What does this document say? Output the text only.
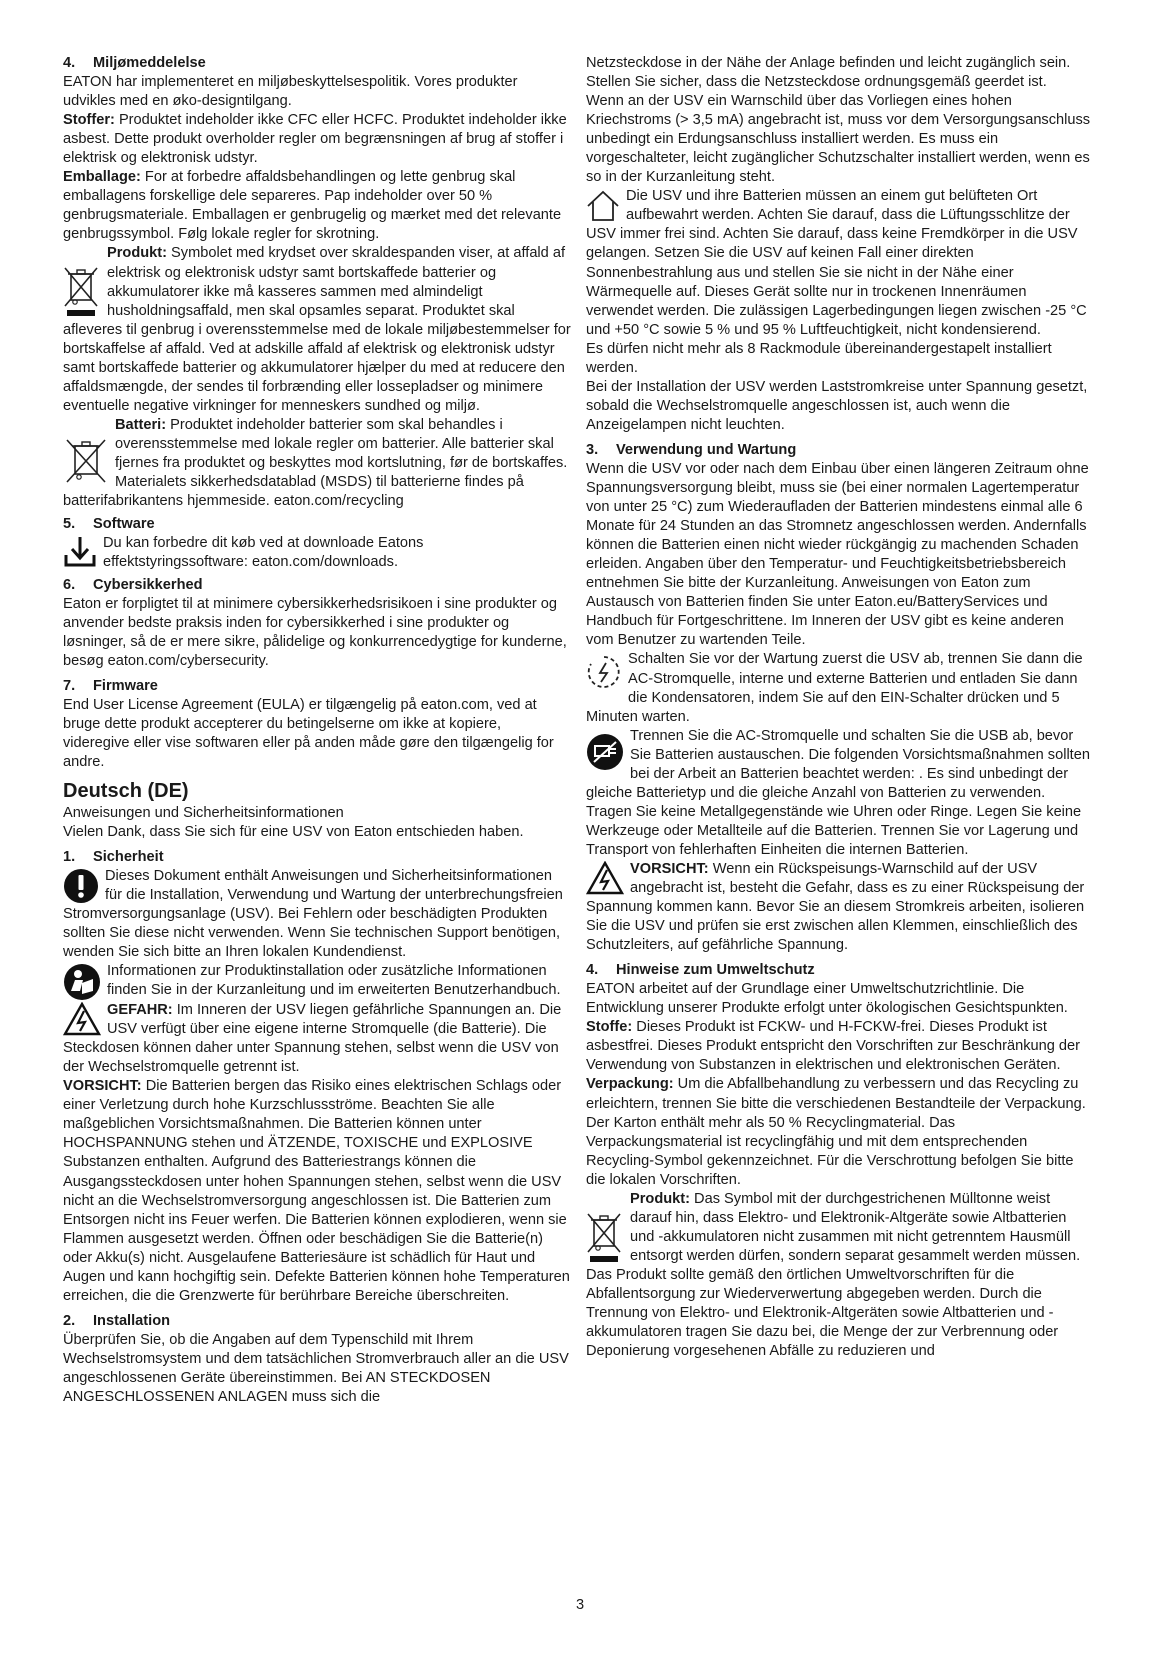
4. Miljømeddelelse

EATON har implementeret en miljøbeskyttelsespolitik. Vores produkter udvikles med en øko-designtilgang.

Stoffer: Produktet indeholder ikke CFC eller HCFC. Produktet indeholder ikke asbest. Dette produkt overholder regler om begrænsningen af brug af stoffer i elektrisk og elektronisk udstyr.

Emballage: For at forbedre affaldsbehandlingen og lette genbrug skal emballagens forskellige dele separeres. Pap indeholder over 50 % genbrugsmateriale. Emballagen er genbrugelig og mærket med det relevante genbrugssymbol. Følg lokale regler for skrotning.

Produkt: Symbolet med krydset over skraldespanden viser, at affald af elektrisk og elektronisk udstyr samt bortskaffede batterier og akkumulatorer ikke må kasseres sammen med almindeligt husholdningsaffald, men skal opsamles separat. Produktet skal afleveres til genbrug i overensstemmelse med de lokale miljøbestemmelser for bortskaffelse af affald. Ved at adskille affald af elektrisk og elektronisk udstyr samt bortskaffede batterier og akkumulatorer hjælper du med at reducere den affaldsmængde, der sendes til forbrænding eller lossepladser og minimere eventuelle negative virkninger for menneskers sundhed og miljø.

Batteri: Produktet indeholder batterier som skal behandles i overensstemmelse med lokale regler om batterier. Alle batterier skal fjernes fra produktet og beskyttes mod kortslutning, før de bortskaffes. Materialets sikkerhedsdatablad (MSDS) til batterierne findes på batterifabrikantens hjemmeside. eaton.com/recycling

5. Software

Du kan forbedre dit køb ved at downloade Eatons effektstyringssoftware: eaton.com/downloads.

6. Cybersikkerhed

Eaton er forpligtet til at minimere cybersikkerhedsrisikoen i sine produkter og anvender bedste praksis inden for cybersikkerhed i sine produkter og løsninger, så de er mere sikre, pålidelige og konkurrencedygtige for kunderne, besøg eaton.com/cybersecurity.

7. Firmware

End User License Agreement (EULA) er tilgængelig på eaton.com, ved at bruge dette produkt accepterer du betingelserne om ikke at kopiere, videregive eller vise softwaren eller på anden måde gøre den tilgængelig for andre.

Deutsch (DE)

Anweisungen und Sicherheitsinformationen

Vielen Dank, dass Sie sich für eine USV von Eaton entschieden haben.

1. Sicherheit

Dieses Dokument enthält Anweisungen und Sicherheitsinformationen für die Installation, Verwendung und Wartung der unterbrechungsfreien Stromversorgungsanlage (USV). Bei Fehlern oder beschädigten Produkten sollten Sie diese nicht verwenden. Wenn Sie technischen Support benötigen, wenden Sie sich bitte an Ihren lokalen Kundendienst.

Informationen zur Produktinstallation oder zusätzliche Informationen finden Sie in der Kurzanleitung und im erweiterten Benutzerhandbuch.

GEFAHR: Im Inneren der USV liegen gefährliche Spannungen an. Die USV verfügt über eine eigene interne Stromquelle (die Batterie). Die Steckdosen können daher unter Spannung stehen, selbst wenn die USV von der Wechselstromquelle getrennt ist.

VORSICHT: Die Batterien bergen das Risiko eines elektrischen Schlags oder einer Verletzung durch hohe Kurzschlussströme. Beachten Sie alle maßgeblichen Vorsichtsmaßnahmen. Die Batterien können unter HOCHSPANNUNG stehen und ÄTZENDE, TOXISCHE und EXPLOSIVE Substanzen enthalten. Aufgrund des Batteriestrangs können die Ausgangssteckdosen unter hohen Spannungen stehen, selbst wenn die USV nicht an die Wechselstromversorgung angeschlossen ist. Die Batterien zum Entsorgen nicht ins Feuer werfen. Die Batterien können explodieren, wenn sie Flammen ausgesetzt werden. Öffnen oder beschädigen Sie die Batterie(n) oder Akku(s) nicht. Ausgelaufene Batteriesäure ist schädlich für Haut und Augen und kann hochgiftig sein. Defekte Batterien können hohe Temperaturen erreichen, die die Grenzwerte für berührbare Bereiche überschreiten.

2. Installation

Überprüfen Sie, ob die Angaben auf dem Typenschild mit Ihrem Wechselstromsystem und dem tatsächlichen Stromverbrauch aller an die USV angeschlossenen Geräte übereinstimmen. Bei AN STECKDOSEN ANGESCHLOSSENEN ANLAGEN muss sich die

Netzsteckdose in der Nähe der Anlage befinden und leicht zugänglich sein. Stellen Sie sicher, dass die Netzsteckdose ordnungsgemäß geerdet ist.

Wenn an der USV ein Warnschild über das Vorliegen eines hohen Kriechstroms (> 3,5 mA) angebracht ist, muss vor dem Versorgungsanschluss unbedingt ein Erdungsanschluss installiert werden. Es muss ein vorgeschalteter, leicht zugänglicher Schutzschalter installiert werden, wenn es so in der Kurzanleitung steht.

Die USV und ihre Batterien müssen an einem gut belüfteten Ort aufbewahrt werden. Achten Sie darauf, dass die Lüftungsschlitze der USV immer frei sind. Achten Sie darauf, dass keine Fremdkörper in die USV gelangen. Setzen Sie die USV auf keinen Fall einer direkten Sonnenbestrahlung aus und stellen Sie sie nicht in der Nähe einer Wärmequelle auf. Dieses Gerät sollte nur in trockenen Innenräumen verwendet werden. Die zulässigen Lagerbedingungen liegen zwischen -25 °C und +50 °C sowie 5 % und 95 % Luftfeuchtigkeit, nicht kondensierend.

Es dürfen nicht mehr als 8 Rackmodule übereinandergestapelt installiert werden.

Bei der Installation der USV werden Laststromkreise unter Spannung gesetzt, sobald die Wechselstromquelle angeschlossen ist, auch wenn die Anzeigelampen nicht leuchten.

3. Verwendung und Wartung

Wenn die USV vor oder nach dem Einbau über einen längeren Zeitraum ohne Spannungsversorgung bleibt, muss sie (bei einer normalen Lagertemperatur von unter 25 °C) zum Wiederaufladen der Batterien mindestens einmal alle 6 Monate für 24 Stunden an das Stromnetz angeschlossen werden. Andernfalls können die Batterien einen nicht wieder rückgängig zu machenden Schaden erleiden. Angaben über den Temperatur- und Feuchtigkeitsbetriebsbereich entnehmen Sie bitte der Kurzanleitung. Anweisungen von Eaton zum Austausch von Batterien finden Sie unter Eaton.eu/BatteryServices und Handbuch für Fortgeschrittene. Im Inneren der USV gibt es keine anderen vom Benutzer zu wartenden Teile.

Schalten Sie vor der Wartung zuerst die USV ab, trennen Sie dann die AC-Stromquelle, interne und externe Batterien und entladen Sie dann die Kondensatoren, indem Sie auf den EIN-Schalter drücken und 5 Minuten warten.

Trennen Sie die AC-Stromquelle und schalten Sie die USB ab, bevor Sie Batterien austauschen. Die folgenden Vorsichtsmaßnahmen sollten bei der Arbeit an Batterien beachtet werden: . Es sind unbedingt der gleiche Batterietyp und die gleiche Anzahl von Batterien zu verwenden. Tragen Sie keine Metallgegenstände wie Uhren oder Ringe. Legen Sie keine Werkzeuge oder Metallteile auf die Batterien. Trennen Sie vor Lagerung und Transport von fehlerhaften Einheiten die internen Batterien.

VORSICHT: Wenn ein Rückspeisungs-Warnschild auf der USV angebracht ist, besteht die Gefahr, dass es zu einer Rückspeisung der Spannung kommen kann. Bevor Sie an diesem Stromkreis arbeiten, isolieren Sie die USV und prüfen sie erst zwischen allen Klemmen, einschließlich des Schutzleiters, auf gefährliche Spannung.

4. Hinweise zum Umweltschutz

EATON arbeitet auf der Grundlage einer Umweltschutzrichtlinie. Die Entwicklung unserer Produkte erfolgt unter ökologischen Gesichtspunkten.

Stoffe: Dieses Produkt ist FCKW- und H-FCKW-frei. Dieses Produkt ist asbestfrei. Dieses Produkt entspricht den Vorschriften zur Beschränkung der Verwendung von Substanzen in elektrischen und elektronischen Geräten.

Verpackung: Um die Abfallbehandlung zu verbessern und das Recycling zu erleichtern, trennen Sie bitte die verschiedenen Bestandteile der Verpackung. Der Karton enthält mehr als 50 % Recyclingmaterial. Das Verpackungsmaterial ist recyclingfähig und mit dem entsprechenden Recycling-Symbol gekennzeichnet. Für die Verschrottung befolgen Sie bitte die lokalen Vorschriften.

Produkt: Das Symbol mit der durchgestrichenen Mülltonne weist darauf hin, dass Elektro- und Elektronik-Altgeräte sowie Altbatterien und -akkumulatoren nicht zusammen mit nicht getrenntem Hausmüll entsorgt werden dürfen, sondern separat gesammelt werden müssen. Das Produkt sollte gemäß den örtlichen Umweltvorschriften für die Abfallentsorgung zur Wiederverwertung abgegeben werden. Durch die Trennung von Elektro- und Elektronik-Altgeräten sowie Altbatterien und -akkumulatoren tragen Sie dazu bei, die Menge der zur Verbrennung oder Deponierung vorgesehenen Abfälle zu reduzieren und

3
